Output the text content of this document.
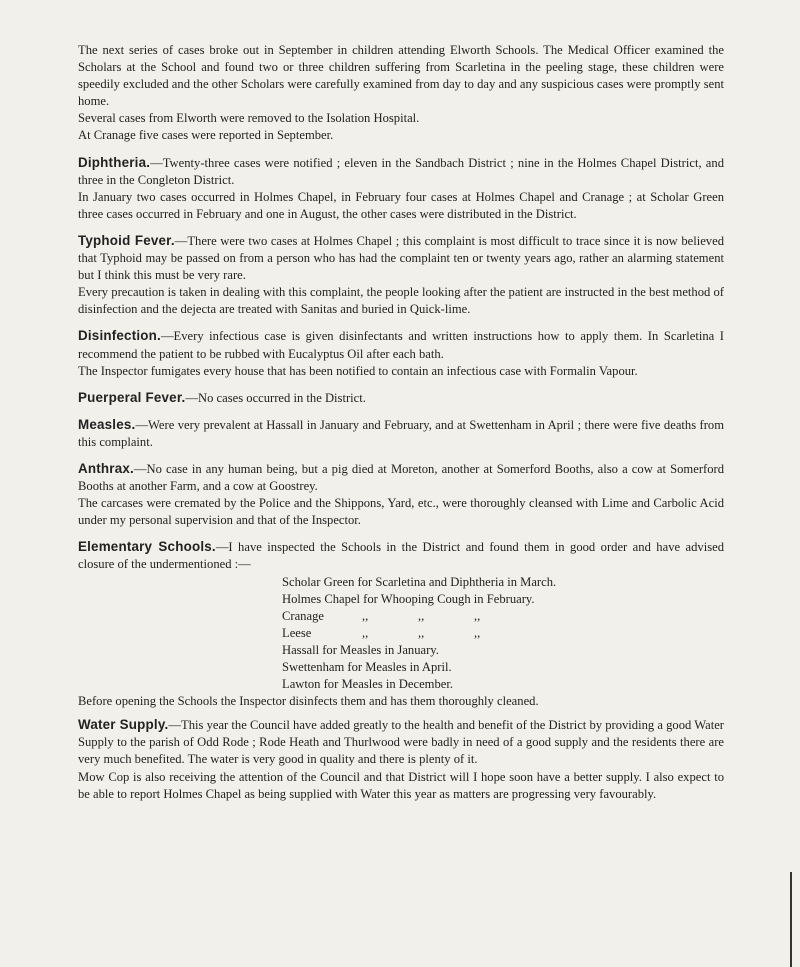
The next series of cases broke out in September in children attending Elworth Schools. The Medical Officer examined the Scholars at the School and found two or three children suffering from Scarletina in the peeling stage, these children were speedily excluded and the other Scholars were carefully examined from day to day and any suspicious cases were promptly sent home.

Several cases from Elworth were removed to the Isolation Hospital.

At Cranage five cases were reported in September.

Diphtheria.—Twenty-three cases were notified ; eleven in the Sandbach District ; nine in the Holmes Chapel District, and three in the Congleton District.

In January two cases occurred in Holmes Chapel, in February four cases at Holmes Chapel and Cranage ; at Scholar Green three cases occurred in February and one in August, the other cases were distributed in the District.

Typhoid Fever.—There were two cases at Holmes Chapel ; this complaint is most difficult to trace since it is now believed that Typhoid may be passed on from a person who has had the complaint ten or twenty years ago, rather an alarming statement but I think this must be very rare.

Every precaution is taken in dealing with this complaint, the people looking after the patient are instructed in the best method of disinfection and the dejecta are treated with Sanitas and buried in Quick-lime.

Disinfection.—Every infectious case is given disinfectants and written instructions how to apply them. In Scarletina I recommend the patient to be rubbed with Eucalyptus Oil after each bath.

The Inspector fumigates every house that has been notified to contain an infectious case with Formalin Vapour.

Puerperal Fever.—No cases occurred in the District.

Measles.—Were very prevalent at Hassall in January and February, and at Swettenham in April ; there were five deaths from this complaint.

Anthrax.—No case in any human being, but a pig died at Moreton, another at Somerford Booths, also a cow at Somerford Booths at another Farm, and a cow at Goostrey.

The carcases were cremated by the Police and the Shippons, Yard, etc., were thoroughly cleansed with Lime and Carbolic Acid under my personal supervision and that of the Inspector.

Elementary Schools.—I have inspected the Schools in the District and found them in good order and have advised closure of the undermentioned :—

Scholar Green for Scarletina and Diphtheria in March.
Holmes Chapel for Whooping Cough in February.
Cranage	,,	,,	,,
Leese	,,	,,	,,
Hassall for Measles in January.
Swettenham for Measles in April.
Lawton for Measles in December.

Before opening the Schools the Inspector disinfects them and has them thoroughly cleaned.

Water Supply.—This year the Council have added greatly to the health and benefit of the District by providing a good Water Supply to the parish of Odd Rode ; Rode Heath and Thurlwood were badly in need of a good supply and the residents there are very much benefited. The water is very good in quality and there is plenty of it.

Mow Cop is also receiving the attention of the Council and that District will I hope soon have a better supply. I also expect to be able to report Holmes Chapel as being supplied with Water this year as matters are progressing very favourably.
